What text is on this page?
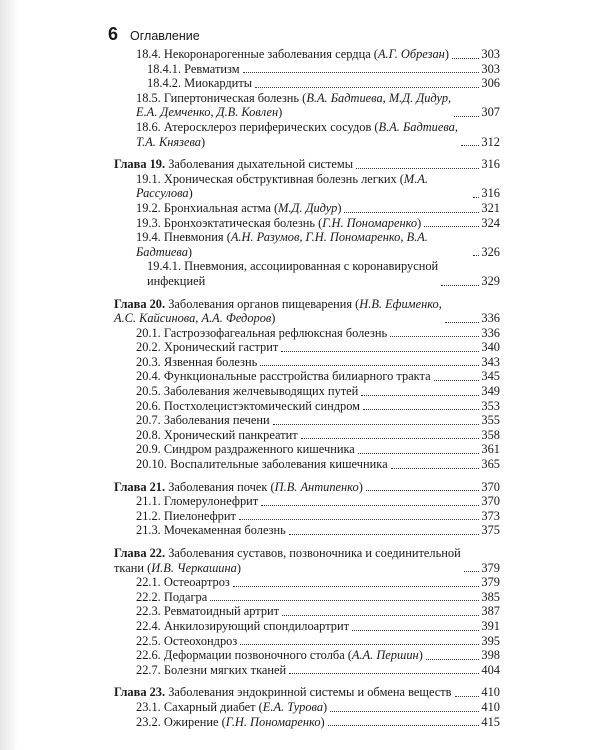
6 Оглавление
18.4. Некоронарогенные заболевания сердца (А.Г. Обрезан)	303
18.4.1. Ревматизм	303
18.4.2. Миокардиты	306
18.5. Гипертоническая болезнь (В.А. Бадтиева, М.Д. Дидур,
Е.А. Демченко, Д.В. Ковлен)	307
18.6. Атеросклероз периферических сосудов (В.А. Бадтиева,
Т.А. Князева)	312
Глава 19. Заболевания дыхательной системы	316
19.1. Хроническая обструктивная болезнь легких (М.А. Рассулова)	316
19.2. Бронхиальная астма (М.Д. Дидур)	321
19.3. Бронхоэктатическая болезнь (Г.Н. Пономаренко)	324
19.4. Пневмония (А.Н. Разумов, Г.Н. Пономаренко, В.А. Бадтиева)	326
19.4.1. Пневмония, ассоциированная с коронавирусной
инфекцией	329
Глава 20. Заболевания органов пищеварения (Н.В. Ефименко,
А.С. Кайсинова, А.А. Федоров)	336
20.1. Гастроэзофагеальная рефлюксная болезнь	336
20.2. Хронический гастрит	340
20.3. Язвенная болезнь	343
20.4. Функциональные расстройства билиарного тракта	345
20.5. Заболевания желчевыводящих путей	349
20.6. Постхолецистэктомический синдром	353
20.7. Заболевания печени	355
20.8. Хронический панкреатит	358
20.9. Синдром раздраженного кишечника	361
20.10. Воспалительные заболевания кишечника	365
Глава 21. Заболевания почек (П.В. Антипенко)	370
21.1. Гломерулонефрит	370
21.2. Пиелонефрит	373
21.3. Мочекаменная болезнь	375
Глава 22. Заболевания суставов, позвоночника и соединительной
ткани (И.В. Черкашина)	379
22.1. Остеоартроз	379
22.2. Подагра	385
22.3. Ревматоидный артрит	387
22.4. Анкилозирующий спондилоартрит	391
22.5. Остеохондроз	395
22.6. Деформации позвоночного столба (А.А. Першин)	398
22.7. Болезни мягких тканей	404
Глава 23. Заболевания эндокринной системы и обмена веществ 410
23.1. Сахарный диабет (Е.А. Турова)	410
23.2. Ожирение (Г.Н. Пономаренко)	415
